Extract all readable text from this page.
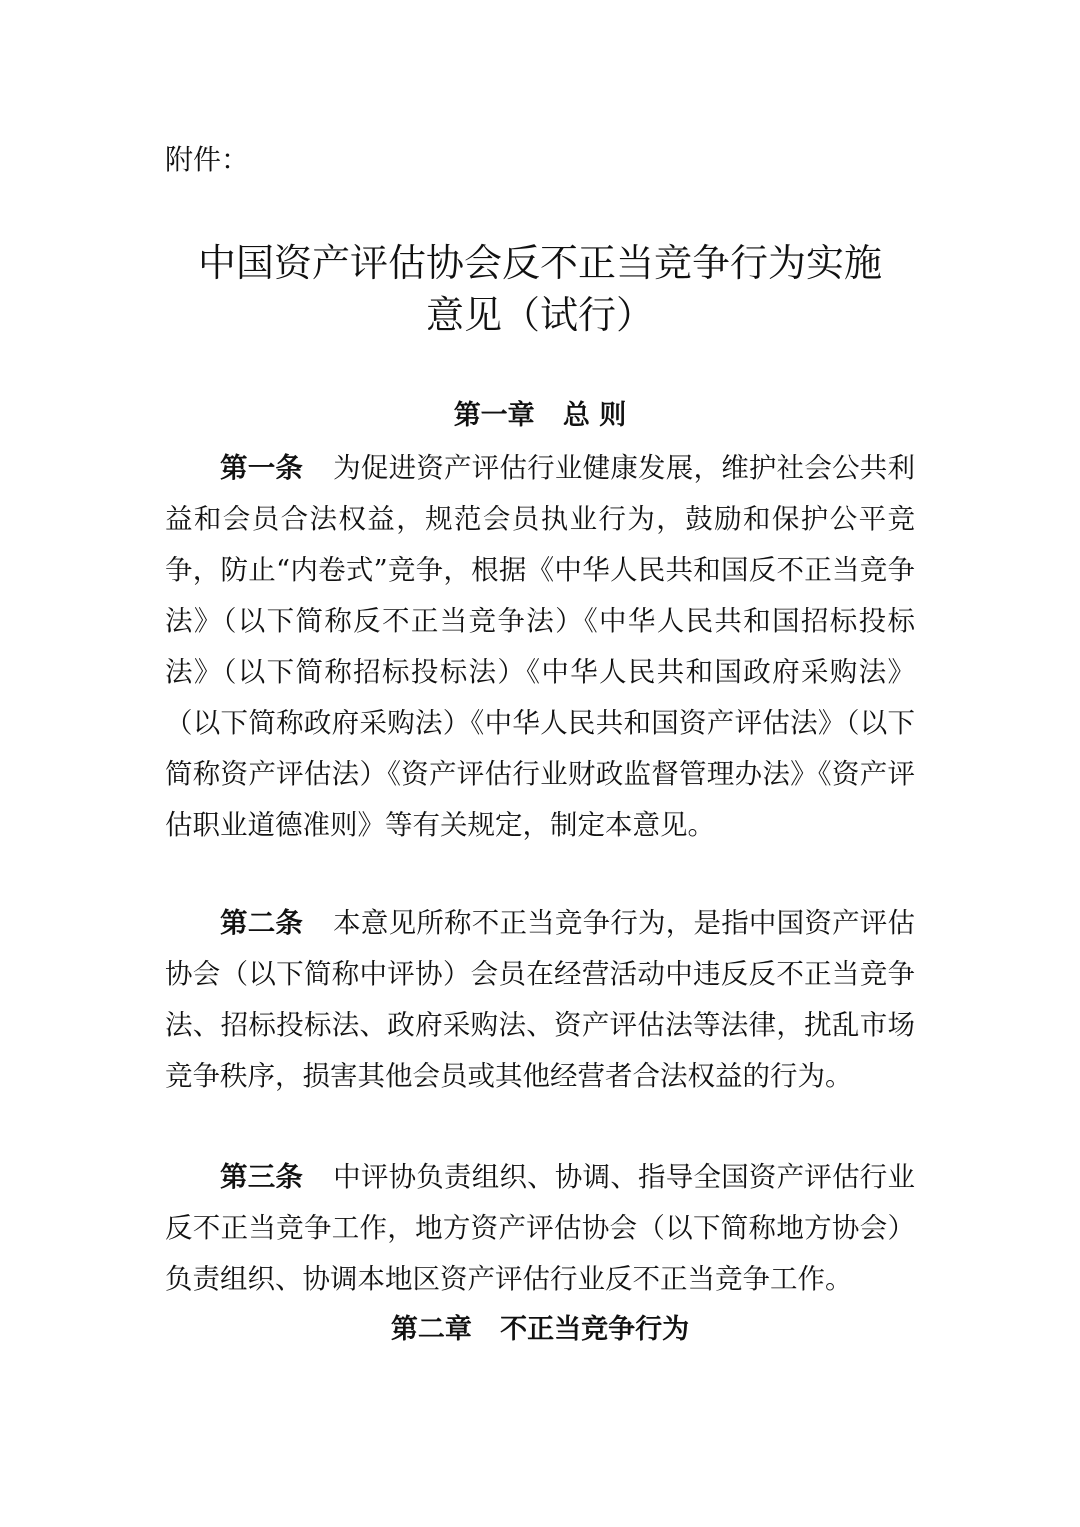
附件：

中国资产评估协会反不正当竞争行为实施
意见（试行）
第一章   总 则

第一条 为促进资产评估行业健康发展，维护社会公共利益和会员合法权益，规范会员执业行为，鼓励和保护公平竞争，防止“内卷式”竞争，根据《中华人民共和国反不正当竞争法》（以下简称反不正当竞争法）《中华人民共和国招标投标法》（以下简称招标投标法）《中华人民共和国政府采购法》（以下简称政府采购法）《中华人民共和国资产评估法》（以下简称资产评估法）《资产评估行业财政监督管理办法》《资产评估职业道德准则》等有关规定，制定本意见。

第二条 本意见所称不正当竞争行为，是指中国资产评估协会（以下简称中评协）会员在经营活动中违反反不正当竞争法、招标投标法、政府采购法、资产评估法等法律，扰乱市场竞争秩序，损害其他会员或其他经营者合法权益的行为。

第三条 中评协负责组织、协调、指导全国资产评估行业反不正当竞争工作，地方资产评估协会（以下简称地方协会）负责组织、协调本地区资产评估行业反不正当竞争工作。

第二章   不正当竞争行为
